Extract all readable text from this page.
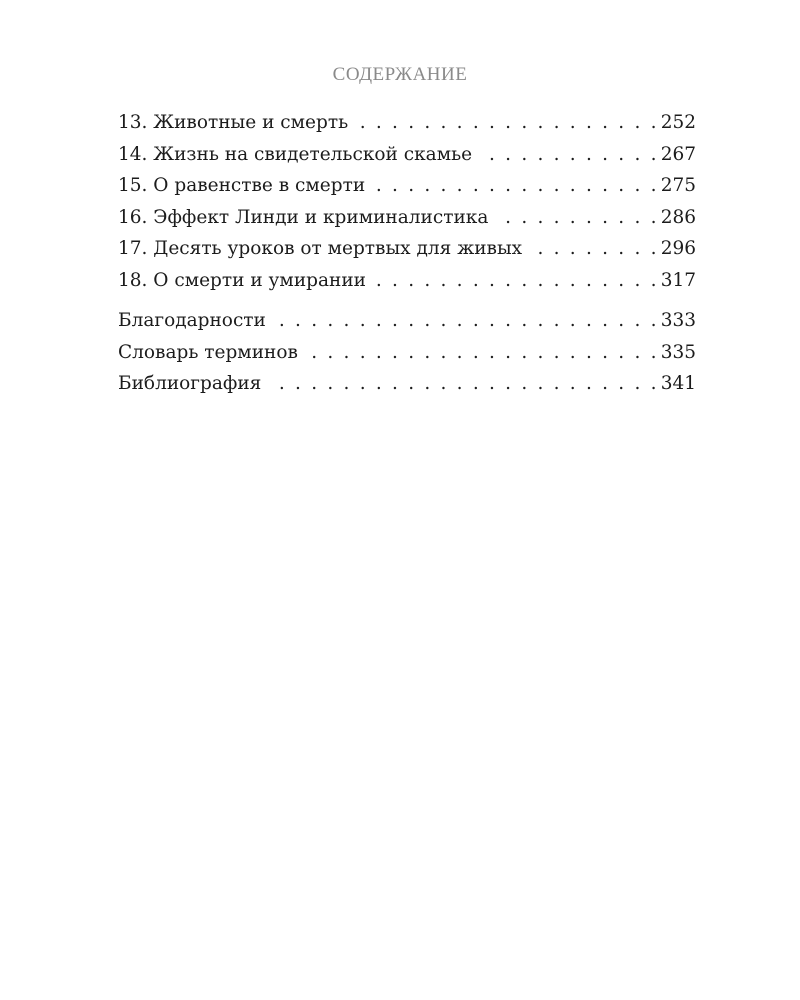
СОДЕРЖАНИЕ
13. Животные и смерть . . .	252
14. Жизнь на свидетельской скамье . . .	267
15. О равенстве в смерти . . .	275
16. Эффект Линди и криминалистика . . .	286
17. Десять уроков от мертвых для живых . . .	296
18. О смерти и умирании . . .	317
Благодарности . . .	333
Словарь терминов . . .	335
Библиография . . .	341
